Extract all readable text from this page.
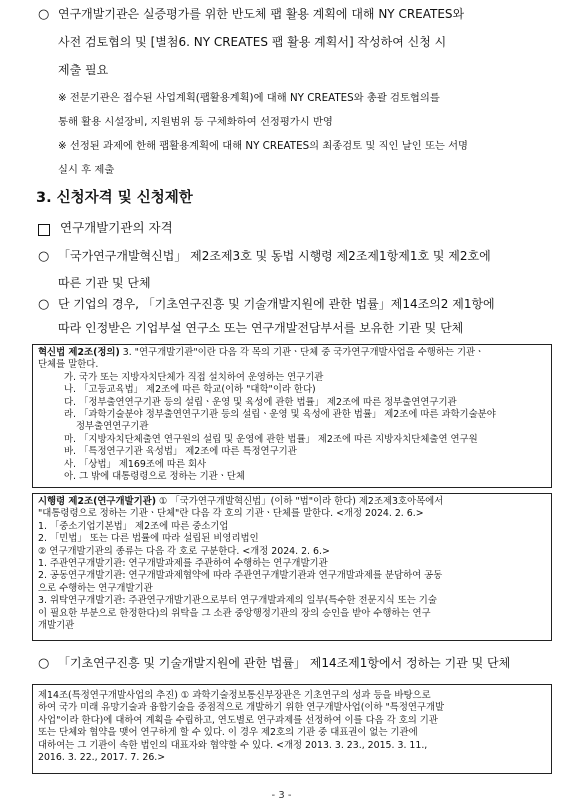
○ 연구개발기관은 실증평가를 위한 반도체 팹 활용 계획에 대해 NY CREATES와

사전 검토협의 및 [별첨6. NY CREATES 팹 활용 계획서] 작성하여 신청 시

제출 필요

※ 전문기관은 접수된 사업계획(팹활용계획)에 대해 NY CREATES와 총괄 검토협의를

통해 활용 시설장비, 지원범위 등 구체화하여 선정평가시 반영

※ 선정된 과제에 한해 팹활용계획에 대해 NY CREATES의 최종검토 및 직인 날인 또는 서명

실시 후 제출

3. 신청자격 및 신청제한

연구개발기관의 자격

○ 「국가연구개발혁신법」 제2조제3호 및 동법 시행령 제2조제1항제1호 및 제2호에

따른 기관 및 단체

○ 단 기업의 경우, 「기초연구진흥 및 기술개발지원에 관한 법률」제14조의2 제1항에

따라 인정받은 기업부설 연구소 또는 연구개발전담부서를 보유한 기관 및 단체

혁신법 제2조(정의) 3. "연구개발기관"이란 다음 각 목의 기관ㆍ단체 중 국가연구개발사업을 수행하는 기관ㆍ

단체를 말한다.

가. 국가 또는 지방자치단체가 직접 설치하여 운영하는 연구기관

나. 「고등교육법」 제2조에 따른 학교(이하 "대학"이라 한다)

다. 「정부출연연구기관 등의 설립ㆍ운영 및 육성에 관한 법률」 제2조에 따른 정부출연연구기관

라. 「과학기술분야 정부출연연구기관 등의 설립ㆍ운영 및 육성에 관한 법률」 제2조에 따른 과학기술분야

정부출연연구기관

마. 「지방자치단체출연 연구원의 설립 및 운영에 관한 법률」 제2조에 따른 지방자치단체출연 연구원

바. 「특정연구기관 육성법」 제2조에 따른 특정연구기관

사. 「상법」 제169조에 따른 회사

아. 그 밖에 대통령령으로 정하는 기관ㆍ단체

시행령 제2조(연구개발기관) ① 「국가연구개발혁신법」(이하 "법"이라 한다) 제2조제3호아목에서

"대통령령으로 정하는 기관ㆍ단체"란 다음 각 호의 기관ㆍ단체를 말한다. <개정 2024. 2. 6.>

1. 「중소기업기본법」 제2조에 따른 중소기업

2. 「민법」 또는 다른 법률에 따라 설립된 비영리법인

② 연구개발기관의 종류는 다음 각 호로 구분한다. <개정 2024. 2. 6.>

1. 주관연구개발기관: 연구개발과제를 주관하여 수행하는 연구개발기관

2. 공동연구개발기관: 연구개발과제협약에 따라 주관연구개발기관과 연구개발과제를 분담하여 공동

으로 수행하는 연구개발기관

3. 위탁연구개발기관: 주관연구개발기관으로부터 연구개발과제의 일부(특수한 전문지식 또는 기술

이 필요한 부분으로 한정한다)의 위탁을 그 소관 중앙행정기관의 장의 승인을 받아 수행하는 연구

개발기관

○ 「기초연구진흥 및 기술개발지원에 관한 법률」 제14조제1항에서 정하는 기관 및 단체

제14조(특정연구개발사업의 추진) ① 과학기술정보통신부장관은 기초연구의 성과 등을 바탕으로

하여 국가 미래 유망기술과 융합기술을 중점적으로 개발하기 위한 연구개발사업(이하 "특정연구개발

사업"이라 한다)에 대하여 계획을 수립하고, 연도별로 연구과제를 선정하여 이를 다음 각 호의 기관

또는 단체와 협약을 맺어 연구하게 할 수 있다. 이 경우 제2호의 기관 중 대표권이 없는 기관에

대하여는 그 기관이 속한 법인의 대표자와 협약할 수 있다. <개정 2013. 3. 23., 2015. 3. 11.,

2016. 3. 22., 2017. 7. 26.>

- 3 -
